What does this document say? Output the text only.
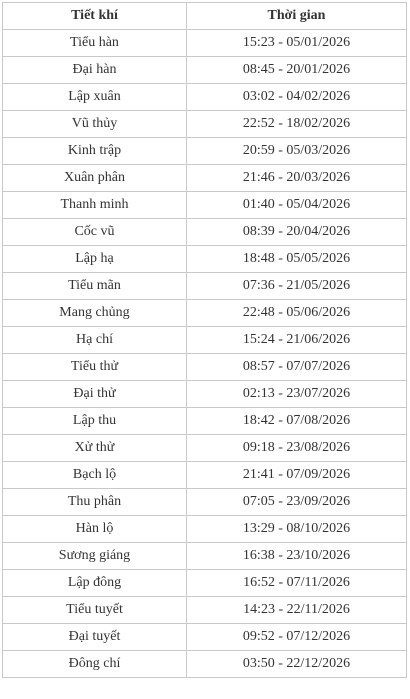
Tiết khí	Thời gian
Tiểu hàn	15:23 - 05/01/2026
Đại hàn	08:45 - 20/01/2026
Lập xuân	03:02 - 04/02/2026
Vũ thủy	22:52 - 18/02/2026
Kinh trập	20:59 - 05/03/2026
Xuân phân	21:46 - 20/03/2026
Thanh minh	01:40 - 05/04/2026
Cốc vũ	08:39 - 20/04/2026
Lập hạ	18:48 - 05/05/2026
Tiểu mãn	07:36 - 21/05/2026
Mang chủng	22:48 - 05/06/2026
Hạ chí	15:24 - 21/06/2026
Tiểu thử	08:57 - 07/07/2026
Đại thử	02:13 - 23/07/2026
Lập thu	18:42 - 07/08/2026
Xử thử	09:18 - 23/08/2026
Bạch lộ	21:41 - 07/09/2026
Thu phân	07:05 - 23/09/2026
Hàn lộ	13:29 - 08/10/2026
Sương giáng	16:38 - 23/10/2026
Lập đông	16:52 - 07/11/2026
Tiểu tuyết	14:23 - 22/11/2026
Đại tuyết	09:52 - 07/12/2026
Đông chí	03:50 - 22/12/2026
